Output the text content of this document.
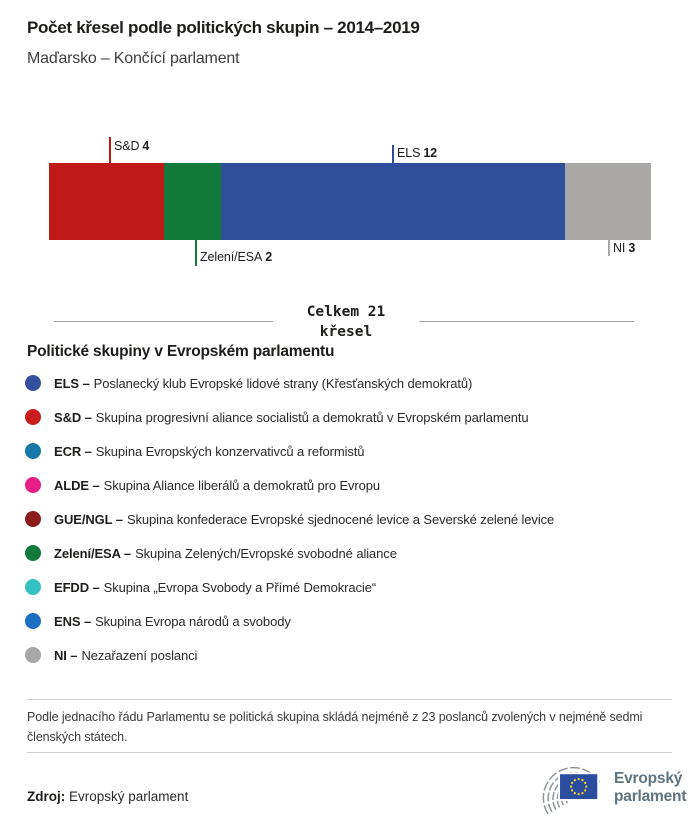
Počet křesel podle politických skupin – 2014–2019
Maďarsko – Končící parlament
S&D 4
Zelení/ESA 2
ELS 12
NI 3
Celkem 21
křesel
Politické skupiny v Evropském parlamentu
ELS – Poslanecký klub Evropské lidové strany (Křesťanských demokratů)
S&D – Skupina progresivní aliance socialistů a demokratů v Evropském parlamentu
ECR – Skupina Evropských konzervativců a reformistů
ALDE – Skupina Aliance liberálů a demokratů pro Evropu
GUE/NGL – Skupina konfederace Evropské sjednocené levice a Severské zelené levice
Zelení/ESA – Skupina Zelených/Evropské svobodné aliance
EFDD – Skupina „Evropa Svobody a Přímé Demokracie“
ENS – Skupina Evropa národů a svobody
NI – Nezařazení poslanci
Podle jednacího řádu Parlamentu se politická skupina skládá nejméně z 23 poslanců zvolených v nejméně sedmi členských státech.
Zdroj: Evropský parlament
Evropský
parlament
